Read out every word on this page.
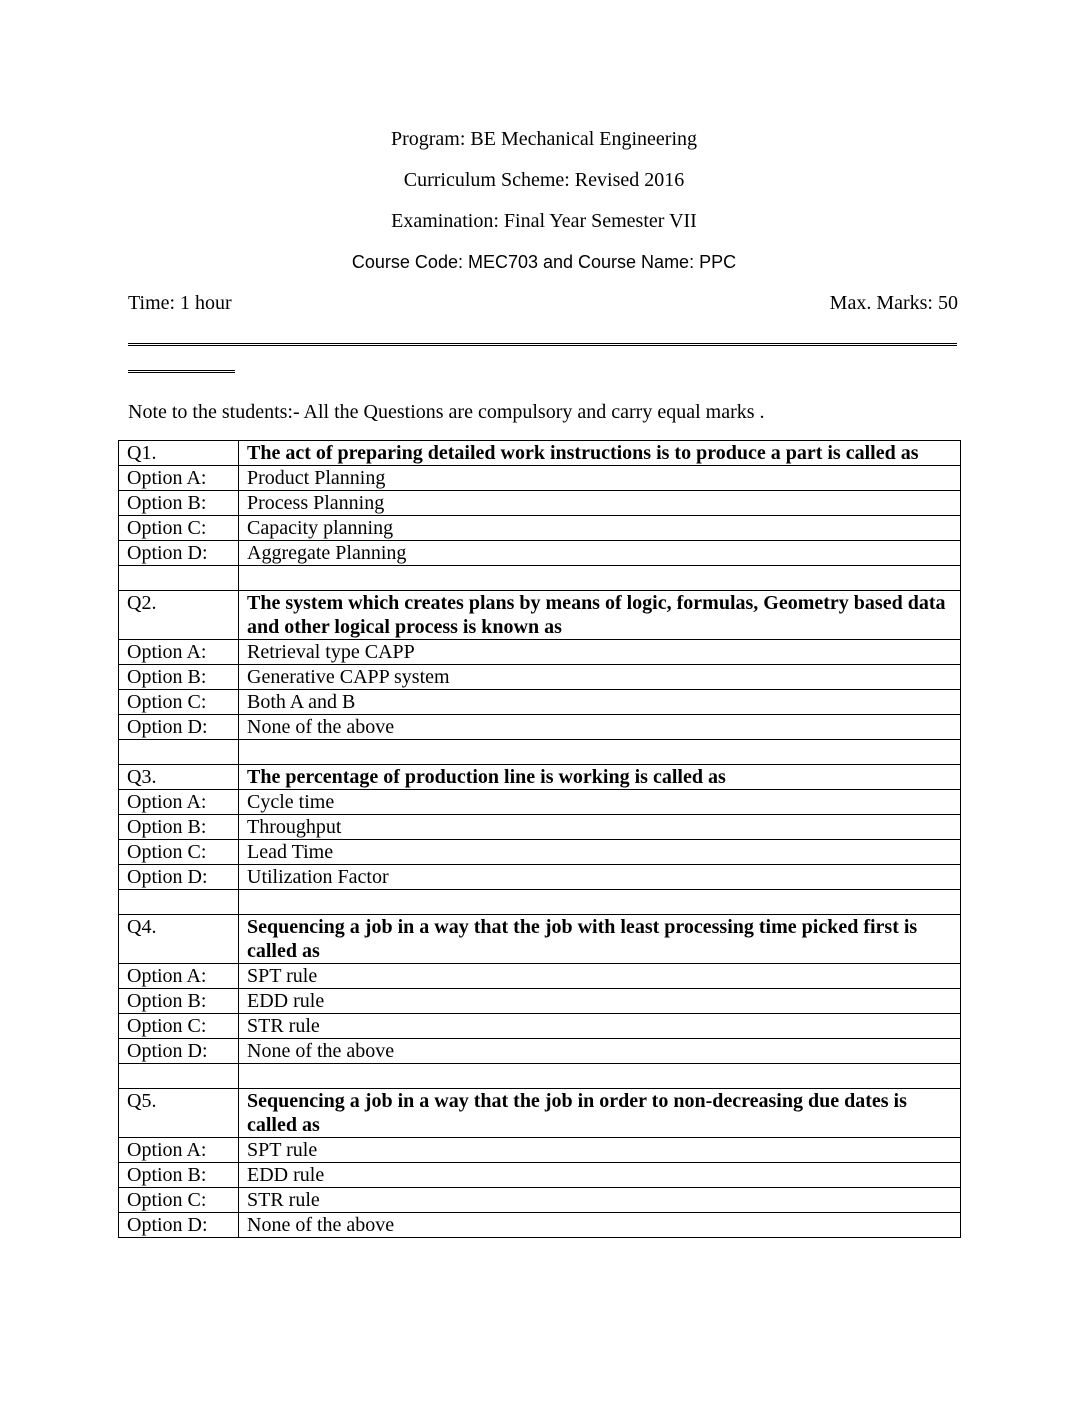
Program: BE Mechanical Engineering
Curriculum Scheme: Revised 2016
Examination: Final Year Semester VII
Course Code: MEC703 and Course Name: PPC
Time: 1 hour	Max. Marks: 50
Note to the students:- All the Questions are compulsory and carry equal marks .
Q1.	The act of preparing detailed work instructions is to produce a part is called as
Option A:	Product Planning
Option B:	Process Planning
Option C:	Capacity planning
Option D:	Aggregate Planning

Q2.	The system which creates plans by means of logic, formulas, Geometry based data and other logical process is known as
Option A:	Retrieval type CAPP
Option B:	Generative CAPP system
Option C:	Both A and B
Option D:	None of the above

Q3.	The percentage of production line is working is called as
Option A:	Cycle time
Option B:	Throughput
Option C:	Lead Time
Option D:	Utilization Factor

Q4.	Sequencing a job in a way that the job with least processing time picked first is called as
Option A:	SPT rule
Option B:	EDD rule
Option C:	STR rule
Option D:	None of the above

Q5.	Sequencing a job in a way that the job in order to non-decreasing due dates is called as
Option A:	SPT rule
Option B:	EDD rule
Option C:	STR rule
Option D:	None of the above
